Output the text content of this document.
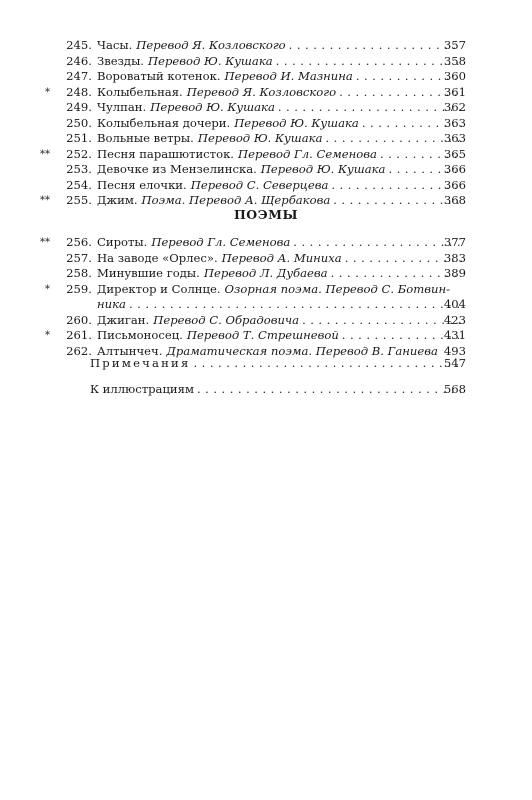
245. Часы. Перевод Я. Козловского .....	357
246. Звезды. Перевод Ю. Кушака .....	358
247. Вороватый котенок. Перевод И. Мазнина .....	360
*	248. Колыбельная. Перевод Я. Козловского .....	361
249. Чулпан. Перевод Ю. Кушака .....	362
250. Колыбельная дочери. Перевод Ю. Кушака .....	363
251. Вольные ветры. Перевод Ю. Кушака .....	363
**	252. Песня парашютисток. Перевод Гл. Семенова .....	365
253. Девочке из Мензелинска. Перевод Ю. Кушака .....	366
254. Песня елочки. Перевод С. Северцева .....	366
**	255. Джим. Поэма. Перевод А. Щербакова .....	368
ПОЭМЫ
**	256. Сироты. Перевод Гл. Семенова .....	377
257. На заводе «Орлес». Перевод А. Миниха .....	383
258. Минувшие годы. Перевод Л. Дубаева .....	389
*	259. Директор и Солнце. Озорная поэма. Перевод С. Ботвин-
ника .....	404
260. Джиган. Перевод С. Обрадовича .....	423
*	261. Письмоносец. Перевод Т. Стрешневой .....	431
262. Алтынчеч. Драматическая поэма. Перевод В. Ганиева 493
Примечания .....	547
К иллюстрациям .....	568
